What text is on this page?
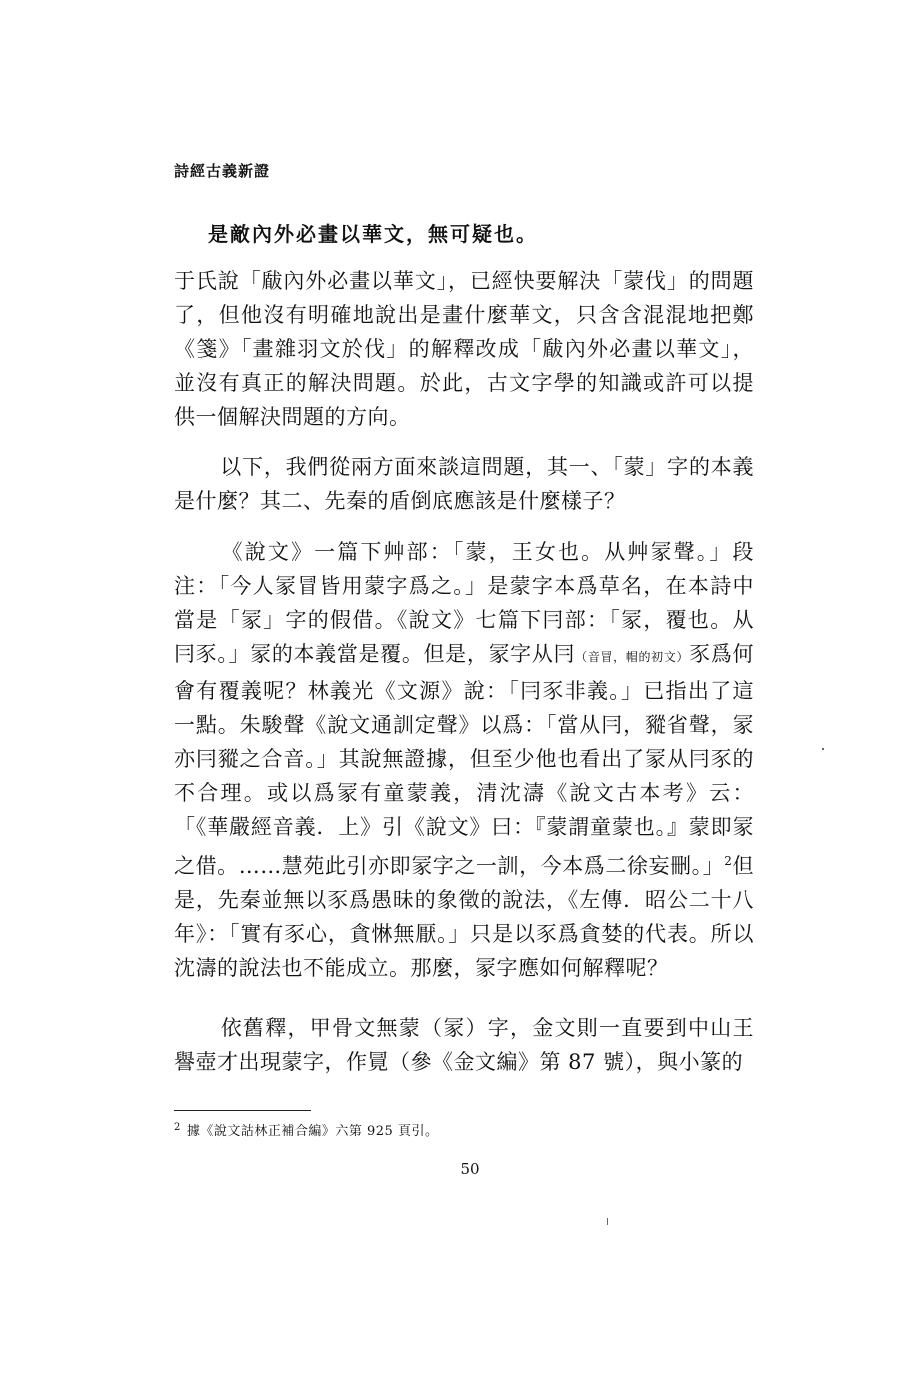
詩經古義新證
是敵內外必畫以華文，無可疑也。

于氏說「瞂內外必畫以華文」，已經快要解決「蒙伐」的問題了，但他沒有明確地說出是畫什麼華文，只含含混混地把鄭《箋》「畫雜羽文於伐」的解釋改成「瞂內外必畫以華文」，並沒有真正的解決問題。於此，古文字學的知識或許可以提供一個解決問題的方向。

以下，我們從兩方面來談這問題，其一、「蒙」字的本義是什麼？其二、先秦的盾倒底應該是什麼樣子？

《說文》一篇下艸部：「蒙，王女也。从艸冡聲。」段注：「今人冡冒皆用蒙字爲之。」是蒙字本爲草名，在本詩中當是「冡」字的假借。《說文》七篇下冃部：「冡，覆也。从冃豕。」冡的本義當是覆。但是，冡字从冃（音冒，帽的初文）豕爲何會有覆義呢？林義光《文源》說：「冃豕非義。」已指出了這一點。朱駿聲《說文通訓定聲》以爲：「當从冃，豵省聲，冡亦冃豵之合音。」其說無證據，但至少他也看出了冡从冃豕的不合理。或以爲冡有童蒙義，清沈濤《說文古本考》云：「《華嚴經音義．上》引《說文》曰：『蒙謂童蒙也。』蒙即冡之借。……慧苑此引亦即冡字之一訓，今本爲二徐妄刪。」$^2$但是，先秦並無以豕爲愚昧的象徵的說法，《左傳．昭公二十八年》：「實有豕心，貪惏無厭。」只是以豕爲貪婪的代表。所以沈濤的說法也不能成立。那麼，冡字應如何解釋呢？

依舊釋，甲骨文無蒙（冡）字，金文則一直要到中山王譽壺才出現蒙字，作㒻（參《金文編》第 87 號），與小篆的

$^2$ 據《說文詁林正補合編》六第 925 頁引。
50
